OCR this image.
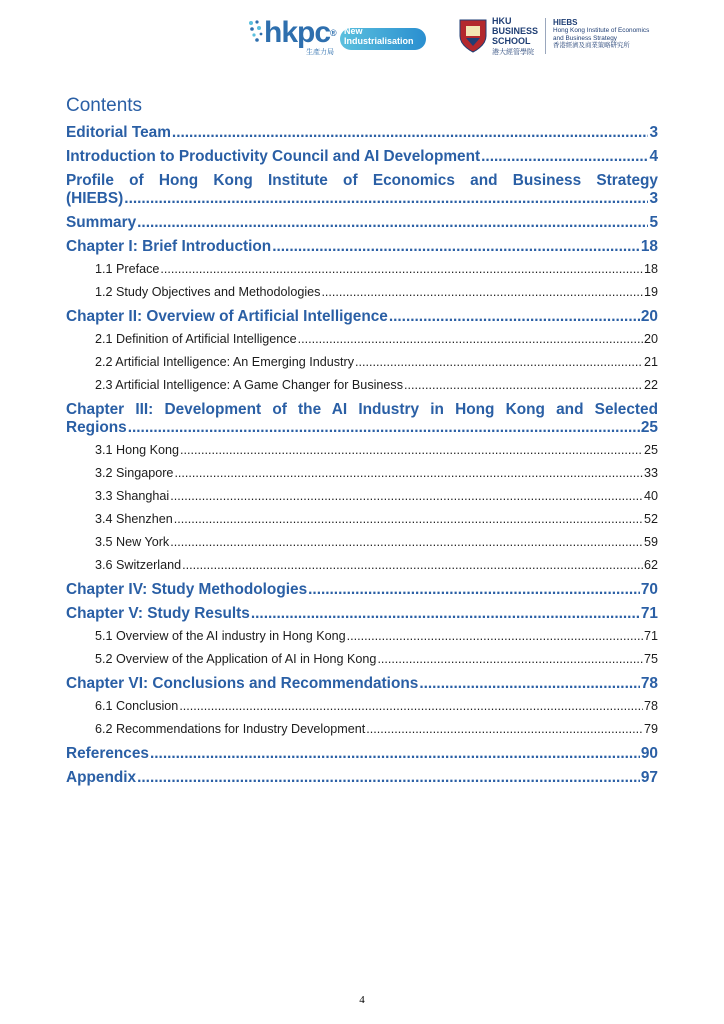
hkpc®
生產力局
New
Industrialisation
HKU
BUSINESS
SCHOOL
港大經管學院
HIEBS
Hong Kong Institute of Economics
and Business Strategy
香港經濟及商業策略研究所
Contents
Editorial Team .....	3
Introduction to Productivity Council and AI Development .....	4
Profile of Hong Kong Institute of Economics and Business Strategy
(HIEBS) .....	3
Summary .....	5
Chapter I: Brief Introduction .....	18
1.1 Preface .....	18
1.2 Study Objectives and Methodologies .....	19
Chapter II: Overview of Artificial Intelligence .....	20
2.1 Definition of Artificial Intelligence .....	20
2.2 Artificial Intelligence: An Emerging Industry .....	21
2.3 Artificial Intelligence: A Game Changer for Business .....	22
Chapter III: Development of the AI Industry in Hong Kong and Selected
Regions .....	25
3.1 Hong Kong .....	25
3.2 Singapore .....	33
3.3 Shanghai .....	40
3.4 Shenzhen .....	52
3.5 New York .....	59
3.6 Switzerland .....	62
Chapter IV: Study Methodologies .....	70
Chapter V: Study Results .....	71
5.1 Overview of the AI industry in Hong Kong .....	71
5.2 Overview of the Application of AI in Hong Kong .....	75
Chapter VI: Conclusions and Recommendations .....	78
6.1 Conclusion .....	78
6.2 Recommendations for Industry Development .....	79
References .....	90
Appendix .....	97
4
